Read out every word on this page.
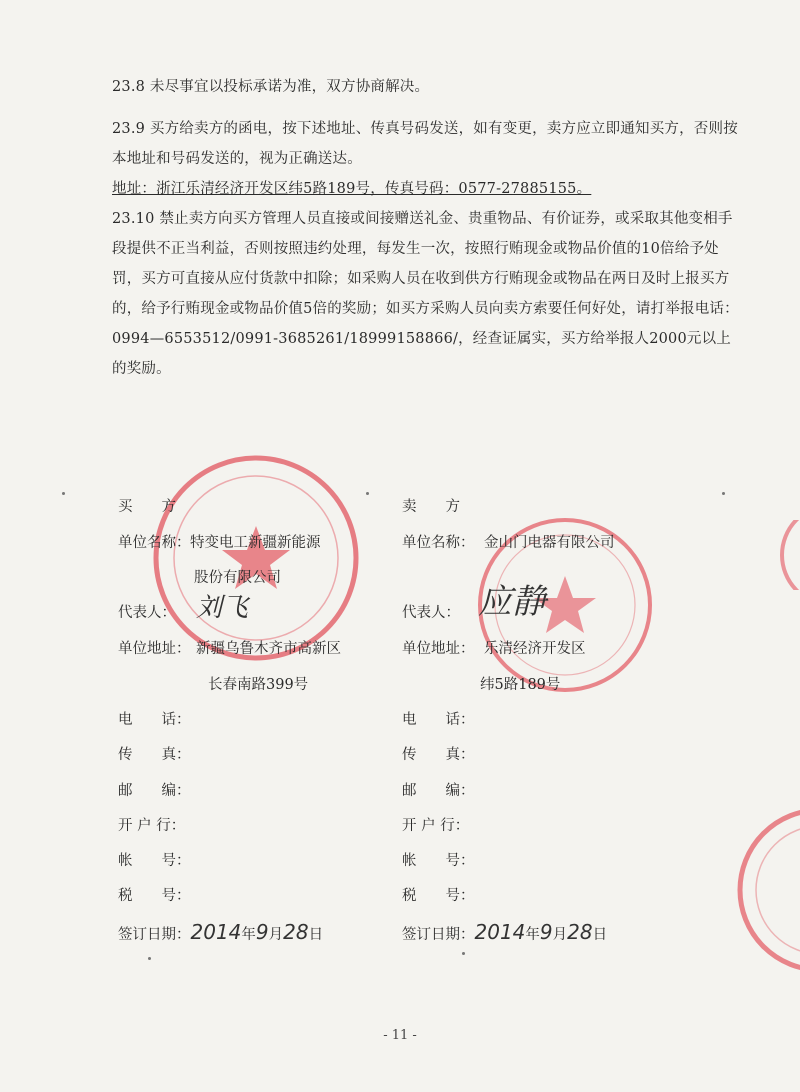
23.8 未尽事宜以投标承诺为准，双方协商解决。
23.9 买方给卖方的函电，按下述地址、传真号码发送，如有变更，卖方应立即通知买方，否则按本地址和号码发送的，视为正确送达。
地址：浙江乐清经济开发区纬5路189号，传真号码：0577-27885155。
23.10 禁止卖方向买方管理人员直接或间接赠送礼金、贵重物品、有价证券，或采取其他变相手段提供不正当利益，否则按照违约处理，每发生一次，按照行贿现金或物品价值的10倍给予处罚，买方可直接从应付货款中扣除；如采购人员在收到供方行贿现金或物品在两日及时上报买方的，给予行贿现金或物品价值5倍的奖励；如买方采购人员向卖方索要任何好处，请打举报电话：0994—6553512/0991-3685261/18999158866/，经查证属实，买方给举报人2000元以上的奖励。
买　　方
单位名称： 特变电工新疆新能源
股份有限公司
代表人： 刘飞
单位地址： 新疆乌鲁木齐市高新区
长春南路399号
电　　话：
传　　真：
邮　　编：
开 户 行：
帐　　号：
税　　号：
签订日期：2014年9月28日
卖　　方
单位名称： 金山门电器有限公司
代表人： 应静
单位地址： 乐清经济开发区
纬5路189号
电　　话：
传　　真：
邮　　编：
开 户 行：
帐　　号：
税　　号：
签订日期：2014年9月28日
- 11 -
